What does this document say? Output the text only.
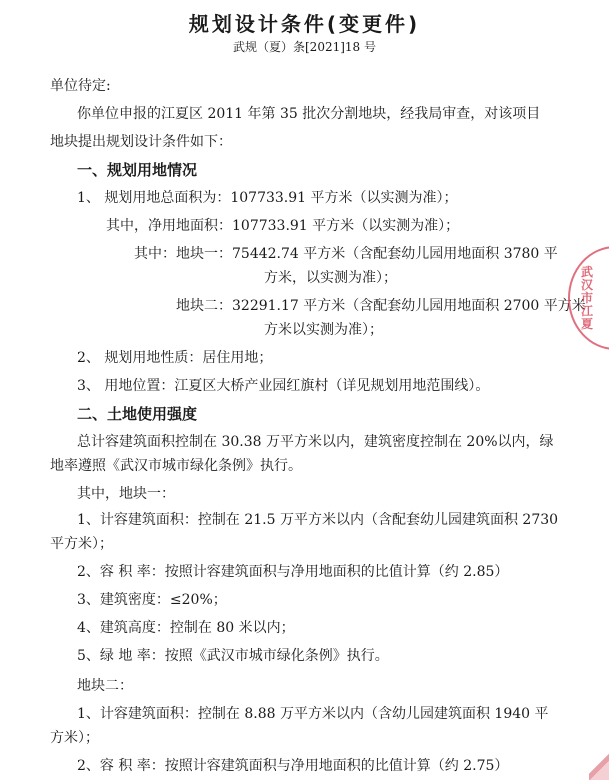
规划设计条件(变更件)
武规（夏）条[2021]18 号

单位待定:

你单位申报的江夏区 2011 年第 35 批次分割地块，经我局审查，对该项目

地块提出规划设计条件如下：

一、规划用地情况

1、 规划用地总面积为：107733.91 平方米（以实测为准）；

其中，净用地面积：107733.91 平方米（以实测为准）；

其中：地块一：75442.74 平方米（含配套幼儿园用地面积 3780 平

方米，以实测为准）；

地块二：32291.17 平方米（含配套幼儿园用地面积 2700 平方米

方米以实测为准）；

2、 规划用地性质：居住用地；

3、 用地位置：江夏区大桥产业园红旗村（详见规划用地范围线）。

二、土地使用强度

总计容建筑面积控制在 30.38 万平方米以内，建筑密度控制在 20%以内，绿

地率遵照《武汉市城市绿化条例》执行。

其中，地块一：

1、计容建筑面积：控制在 21.5 万平方米以内（含配套幼儿园建筑面积 2730

平方米）；

2、容 积 率：按照计容建筑面积与净用地面积的比值计算（约 2.85）

3、建筑密度：≤20%；

4、建筑高度：控制在 80 米以内；

5、绿 地 率：按照《武汉市城市绿化条例》执行。

地块二：

1、计容建筑面积：控制在 8.88 万平方米以内（含幼儿园建筑面积 1940 平

方米）；

2、容 积 率：按照计容建筑面积与净用地面积的比值计算（约 2.75）

武
汉
市
江
夏
